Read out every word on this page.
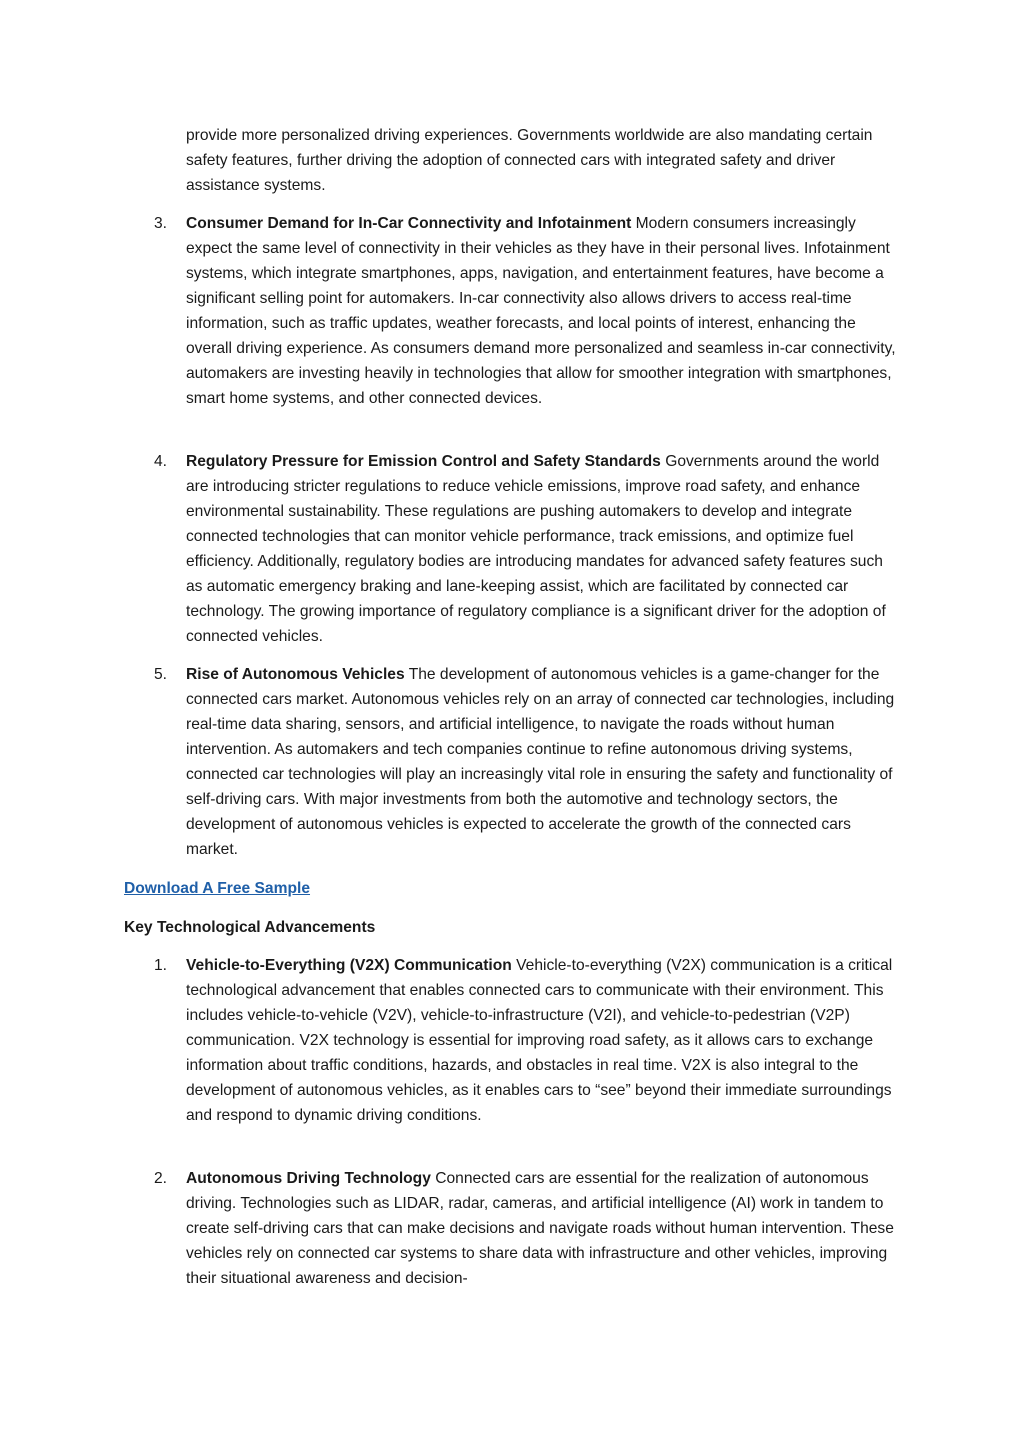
provide more personalized driving experiences. Governments worldwide are also mandating certain safety features, further driving the adoption of connected cars with integrated safety and driver assistance systems.

3.	Consumer Demand for In-Car Connectivity and Infotainment Modern consumers increasingly expect the same level of connectivity in their vehicles as they have in their personal lives. Infotainment systems, which integrate smartphones, apps, navigation, and entertainment features, have become a significant selling point for automakers. In-car connectivity also allows drivers to access real-time information, such as traffic updates, weather forecasts, and local points of interest, enhancing the overall driving experience. As consumers demand more personalized and seamless in-car connectivity, automakers are investing heavily in technologies that allow for smoother integration with smartphones, smart home systems, and other connected devices.

4.	Regulatory Pressure for Emission Control and Safety Standards Governments around the world are introducing stricter regulations to reduce vehicle emissions, improve road safety, and enhance environmental sustainability. These regulations are pushing automakers to develop and integrate connected technologies that can monitor vehicle performance, track emissions, and optimize fuel efficiency. Additionally, regulatory bodies are introducing mandates for advanced safety features such as automatic emergency braking and lane-keeping assist, which are facilitated by connected car technology. The growing importance of regulatory compliance is a significant driver for the adoption of connected vehicles.

5.	Rise of Autonomous Vehicles The development of autonomous vehicles is a game-changer for the connected cars market. Autonomous vehicles rely on an array of connected car technologies, including real-time data sharing, sensors, and artificial intelligence, to navigate the roads without human intervention. As automakers and tech companies continue to refine autonomous driving systems, connected car technologies will play an increasingly vital role in ensuring the safety and functionality of self-driving cars. With major investments from both the automotive and technology sectors, the development of autonomous vehicles is expected to accelerate the growth of the connected cars market.

Download A Free Sample
Key Technological Advancements
1.	Vehicle-to-Everything (V2X) Communication Vehicle-to-everything (V2X) communication is a critical technological advancement that enables connected cars to communicate with their environment. This includes vehicle-to-vehicle (V2V), vehicle-to-infrastructure (V2I), and vehicle-to-pedestrian (V2P) communication. V2X technology is essential for improving road safety, as it allows cars to exchange information about traffic conditions, hazards, and obstacles in real time. V2X is also integral to the development of autonomous vehicles, as it enables cars to “see” beyond their immediate surroundings and respond to dynamic driving conditions.

2.	Autonomous Driving Technology Connected cars are essential for the realization of autonomous driving. Technologies such as LIDAR, radar, cameras, and artificial intelligence (AI) work in tandem to create self-driving cars that can make decisions and navigate roads without human intervention. These vehicles rely on connected car systems to share data with infrastructure and other vehicles, improving their situational awareness and decision-
